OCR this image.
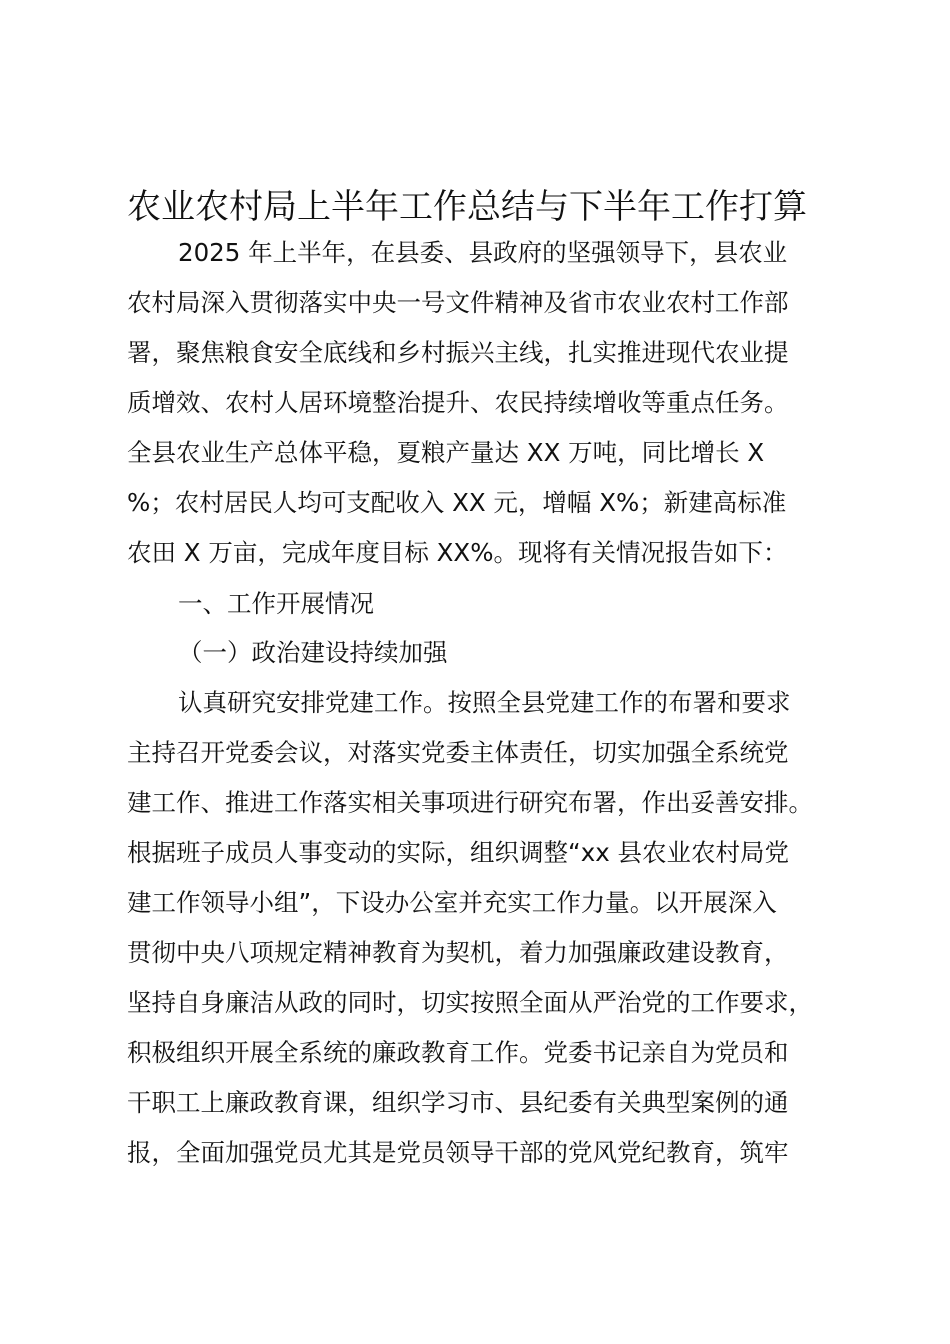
农业农村局上半年工作总结与下半年工作打算
2025 年上半年，在县委、县政府的坚强领导下，县农业
农村局深入贯彻落实中央一号文件精神及省市农业农村工作部
署，聚焦粮食安全底线和乡村振兴主线，扎实推进现代农业提
质增效、农村人居环境整治提升、农民持续增收等重点任务。
全县农业生产总体平稳，夏粮产量达 XX 万吨，同比增长 X
%；农村居民人均可支配收入 XX 元，增幅 X%；新建高标准
农田 X 万亩，完成年度目标 XX%。现将有关情况报告如下：
一、工作开展情况
（一）政治建设持续加强
认真研究安排党建工作。按照全县党建工作的布署和要求
主持召开党委会议，对落实党委主体责任，切实加强全系统党
建工作、推进工作落实相关事项进行研究布署，作出妥善安排。
根据班子成员人事变动的实际，组织调整“xx 县农业农村局党
建工作领导小组”，下设办公室并充实工作力量。以开展深入
贯彻中央八项规定精神教育为契机，着力加强廉政建设教育，
坚持自身廉洁从政的同时，切实按照全面从严治党的工作要求，
积极组织开展全系统的廉政教育工作。党委书记亲自为党员和
干职工上廉政教育课，组织学习市、县纪委有关典型案例的通
报，全面加强党员尤其是党员领导干部的党风党纪教育，筑牢
